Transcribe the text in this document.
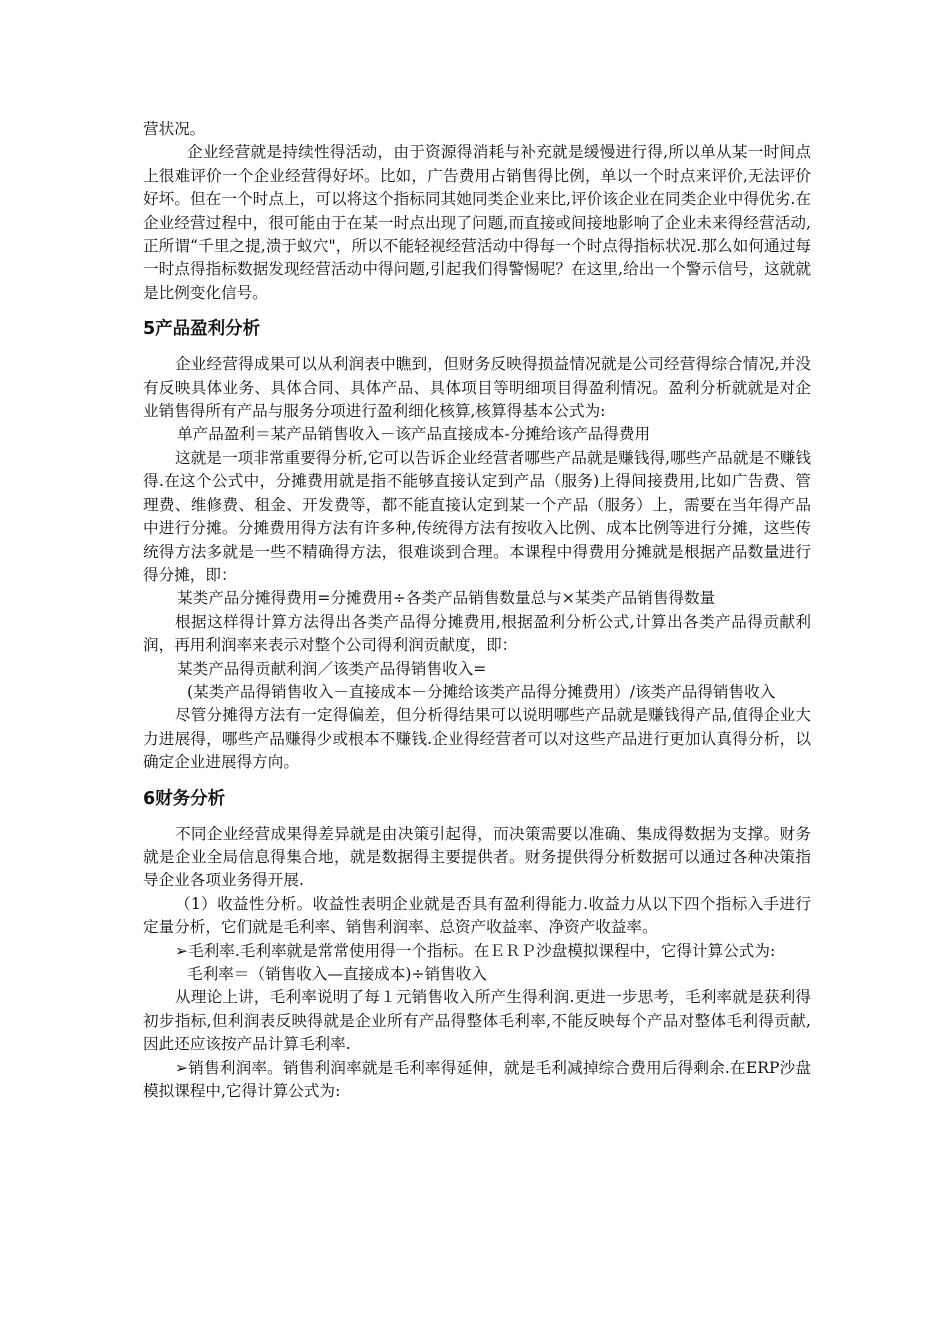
营状况。

企业经营就是持续性得活动，由于资源得消耗与补充就是缓慢进行得,所以单从某一时间点上很难评价一个企业经营得好坏。比如，广告费用占销售得比例，单以一个时点来评价,无法评价好坏。但在一个时点上，可以将这个指标同其她同类企业来比,评价该企业在同类企业中得优劣.在企业经营过程中，很可能由于在某一时点出现了问题,而直接或间接地影响了企业未来得经营活动,正所谓“千里之提,溃于蚁穴"，所以不能轻视经营活动中得每一个时点得指标状况.那么如何通过每一时点得指标数据发现经营活动中得问题,引起我们得警惕呢？在这里,给出一个警示信号，这就就是比例变化信号。

5产品盈利分析

企业经营得成果可以从利润表中瞧到，但财务反映得损益情况就是公司经营得综合情况,并没有反映具体业务、具体合同、具体产品、具体项目等明细项目得盈利情况。盈利分析就就是对企业销售得所有产品与服务分项进行盈利细化核算,核算得基本公式为:

单产品盈利＝某产品销售收入－该产品直接成本-分摊给该产品得费用

这就是一项非常重要得分析,它可以告诉企业经营者哪些产品就是赚钱得,哪些产品就是不赚钱得.在这个公式中，分摊费用就是指不能够直接认定到产品（服务)上得间接费用,比如广告费、管理费、维修费、租金、开发费等，都不能直接认定到某一个产品（服务）上，需要在当年得产品中进行分摊。分摊费用得方法有许多种,传统得方法有按收入比例、成本比例等进行分摊，这些传统得方法多就是一些不精确得方法，很难谈到合理。本课程中得费用分摊就是根据产品数量进行得分摊，即：

某类产品分摊得费用=分摊费用÷各类产品销售数量总与×某类产品销售得数量

根据这样得计算方法得出各类产品得分摊费用,根据盈利分析公式,计算出各类产品得贡献利润，再用利润率来表示对整个公司得利润贡献度，即：

某类产品得贡献利润／该类产品得销售收入=

(某类产品得销售收入－直接成本－分摊给该类产品得分摊费用）/该类产品得销售收入

尽管分摊得方法有一定得偏差，但分析得结果可以说明哪些产品就是赚钱得产品,值得企业大力进展得，哪些产品赚得少或根本不赚钱.企业得经营者可以对这些产品进行更加认真得分析，以确定企业进展得方向。

6财务分析

不同企业经营成果得差异就是由决策引起得，而决策需要以准确、集成得数据为支撑。财务就是企业全局信息得集合地，就是数据得主要提供者。财务提供得分析数据可以通过各种决策指导企业各项业务得开展.

（1）收益性分析。收益性表明企业就是否具有盈利得能力.收益力从以下四个指标入手进行定量分析，它们就是毛利率、销售利润率、总资产收益率、净资产收益率。

➢毛利率.毛利率就是常常使用得一个指标。在ＥＲＰ沙盘模拟课程中，它得计算公式为:

毛利率＝（销售收入—直接成本)÷销售收入

从理论上讲，毛利率说明了每１元销售收入所产生得利润.更进一步思考，毛利率就是获利得初步指标,但利润表反映得就是企业所有产品得整体毛利率,不能反映每个产品对整体毛利得贡献,因此还应该按产品计算毛利率.

➢销售利润率。销售利润率就是毛利率得延伸，就是毛利减掉综合费用后得剩余.在ERP沙盘模拟课程中,它得计算公式为:
